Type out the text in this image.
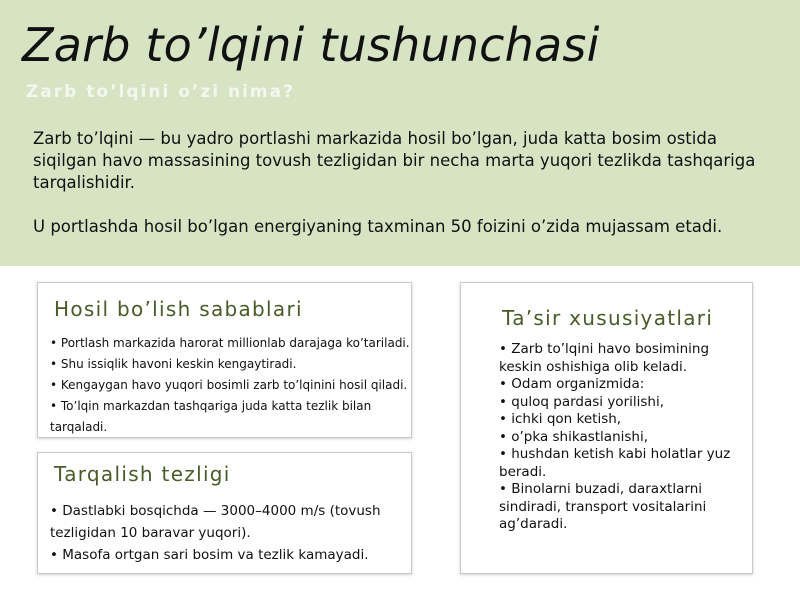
Zarb to’lqini tushunchasi
Zarb to’lqini o’zi nima?

Zarb to’lqini — bu yadro portlashi markazida hosil bo’lgan, juda katta bosim ostida siqilgan havo massasining tovush tezligidan bir necha marta yuqori tezlikda tashqariga tarqalishidir.

U portlashda hosil bo’lgan energiyaning taxminan 50 foizini o’zida mujassam etadi.

Hosil bo’lish sabablari
• Portlash markazida harorat millionlab darajaga ko’tariladi.
• Shu issiqlik havoni keskin kengaytiradi.
• Kengaygan havo yuqori bosimli zarb to’lqinini hosil qiladi.
• To’lqin markazdan tashqariga juda katta tezlik bilan tarqaladi.
Tarqalish tezligi
• Dastlabki bosqichda — 3000–4000 m/s (tovush tezligidan 10 baravar yuqori).
• Masofa ortgan sari bosim va tezlik kamayadi.
Ta’sir xususiyatlari
• Zarb to’lqini havo bosimining keskin oshishiga olib keladi.
• Odam organizmida:
• quloq pardasi yorilishi,
• ichki qon ketish,
• o’pka shikastlanishi,
• hushdan ketish kabi holatlar yuz beradi.
• Binolarni buzadi, daraxtlarni sindiradi, transport vositalarini ag’daradi.
